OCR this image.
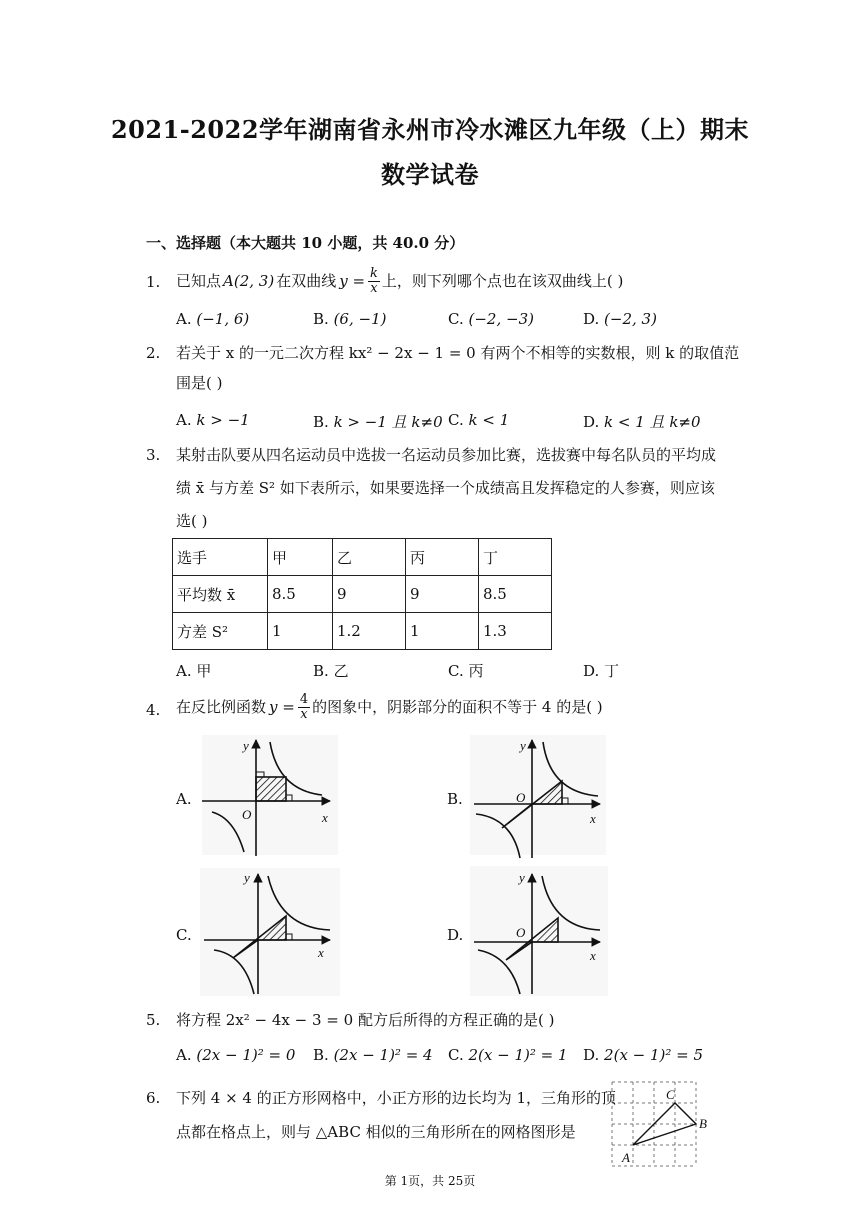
2021-2022学年湖南省永州市冷水滩区九年级（上）期末
数学试卷
一、选择题（本大题共 10 小题，共 40.0 分）
1. 已知点 A(2, 3) 在双曲线 $y = \frac{k}{x}$ 上，则下列哪个点也在该双曲线上( )
A. (−1, 6)	B. (6, −1)	C. (−2, −3)	D. (−2, 3)
2. 若关于 x 的一元二次方程 kx² − 2x − 1 = 0 有两个不相等的实数根，则 k 的取值范
围是( )
A. k > −1	B. k > −1 且 k≠0 C. k < 1	D. k < 1 且 k≠0
3. 某射击队要从四名运动员中选拔一名运动员参加比赛，选拔赛中每名队员的平均成
绩 x̄ 与方差 S² 如下表所示，如果要选择一个成绩高且发挥稳定的人参赛，则应该
选( )
选手	甲	乙	丙	丁
平均数 x̄	8.5	9	9	8.5
方差 S²	1	1.2	1	1.3
A. 甲	B. 乙	C. 丙	D. 丁
4. 在反比例函数 $y = \frac{4}{x}$ 的图象中，阴影部分的面积不等于 4 的是( )
A.	B.
C.	D.
y
x
O
y
x
O
y
x
y
x
O
A
B
C
5. 将方程 2x² − 4x − 3 = 0 配方后所得的方程正确的是( )
A. (2x − 1)² = 0 B. (2x − 1)² = 4 C. 2(x − 1)² = 1 D. 2(x − 1)² = 5
6. 下列 4 × 4 的正方形网格中，小正方形的边长均为 1，三角形的顶
点都在格点上，则与 △ABC 相似的三角形所在的网格图形是
第 1页，共 25页
